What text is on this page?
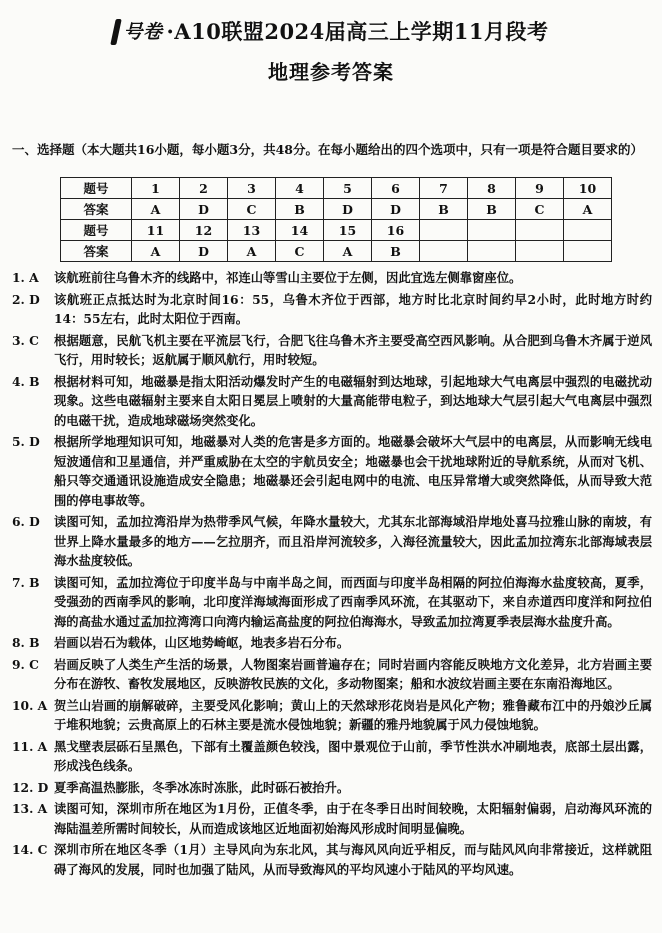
号卷 ·A10联盟2024届高三上学期11月段考
地理参考答案
一、选择题（本大题共16小题，每小题3分，共48分。在每小题给出的四个选项中，只有一项是符合题目要求的）
题号	1	2	3	4	5	6	7	8	9	10
答案	A	D	C	B	D	D	B	B	C	A
题号	11	12	13	14	15	16				
答案	A	D	A	C	A	B				
1. A	该航班前往乌鲁木齐的线路中，祁连山等雪山主要位于左侧，因此宜选左侧靠窗座位。
2. D	该航班正点抵达时为北京时间16：55，乌鲁木齐位于西部，地方时比北京时间约早2小时，此时地方时约14：55左右，此时太阳位于西南。
3. C	根据题意，民航飞机主要在平流层飞行，合肥飞往乌鲁木齐主要受高空西风影响。从合肥到乌鲁木齐属于逆风飞行，用时较长；返航属于顺风航行，用时较短。
4. B	根据材料可知，地磁暴是指太阳活动爆发时产生的电磁辐射到达地球，引起地球大气电离层中强烈的电磁扰动现象。这些电磁辐射主要来自太阳日冕层上喷射的大量高能带电粒子，到达地球大气层引起大气电离层中强烈的电磁干扰，造成地球磁场突然变化。
5. D	根据所学地理知识可知，地磁暴对人类的危害是多方面的。地磁暴会破坏大气层中的电离层，从而影响无线电短波通信和卫星通信，并严重威胁在太空的宇航员安全；地磁暴也会干扰地球附近的导航系统，从而对飞机、船只等交通通讯设施造成安全隐患；地磁暴还会引起电网中的电流、电压异常增大或突然降低，从而导致大范围的停电事故等。
6. D	读图可知，孟加拉湾沿岸为热带季风气候，年降水量较大，尤其东北部海域沿岸地处喜马拉雅山脉的南坡，有世界上降水量最多的地方——乞拉朋齐，而且沿岸河流较多，入海径流量较大，因此孟加拉湾东北部海域表层海水盐度较低。
7. B	读图可知，孟加拉湾位于印度半岛与中南半岛之间，而西面与印度半岛相隔的阿拉伯海海水盐度较高，夏季，受强劲的西南季风的影响，北印度洋海域海面形成了西南季风环流，在其驱动下，来自赤道西印度洋和阿拉伯海的高盐水通过孟加拉湾湾口向湾内输运高盐度的阿拉伯海海水，导致孟加拉湾夏季表层海水盐度升高。
8. B	岩画以岩石为载体，山区地势崎岖，地表多岩石分布。
9. C	岩画反映了人类生产生活的场景，人物图案岩画普遍存在；同时岩画内容能反映地方文化差异，北方岩画主要分布在游牧、畜牧发展地区，反映游牧民族的文化，多动物图案；船和水波纹岩画主要在东南沿海地区。
10. A 贺兰山岩画的崩解破碎，主要受风化影响；黄山上的天然球形花岗岩是风化产物；雅鲁藏布江中的丹娘沙丘属于堆积地貌；云贵高原上的石林主要是流水侵蚀地貌；新疆的雅丹地貌属于风力侵蚀地貌。
11. A 黑戈壁表层砾石呈黑色，下部有土覆盖颜色较浅，图中景观位于山前，季节性洪水冲刷地表，底部土层出露，形成浅色线条。
12. D 夏季高温热膨胀，冬季冰冻时冻胀，此时砾石被抬升。
13. A 读图可知，深圳市所在地区为1月份，正值冬季，由于在冬季日出时间较晚，太阳辐射偏弱，启动海风环流的海陆温差所需时间较长，从而造成该地区近地面初始海风形成时间明显偏晚。
14. C 深圳市所在地区冬季（1月）主导风向为东北风，其与海风风向近乎相反，而与陆风风向非常接近，这样就阻碍了海风的发展，同时也加强了陆风，从而导致海风的平均风速小于陆风的平均风速。
